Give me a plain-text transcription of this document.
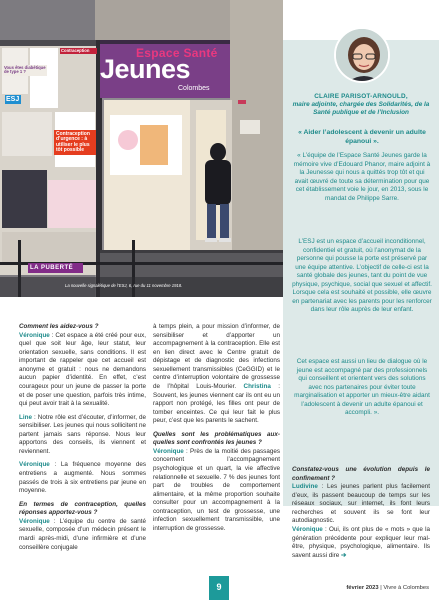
ESJ
Vous êtes diabétique de type 1 ?
Contraception
Contraception d’urgence : à utiliser le plus tôt possible
LA PUBERTÉ
Espace Santé
Jeunes
Colombes
La nouvelle signalétique de l’ESJ, 6, rue du 11 novembre 1918.
CLAIRE PARISOT-ARNOULD,
maire adjointe, chargée des Solidarités, de la Santé publique et de l’Inclusion
« Aider l’adolescent à devenir un adulte épanoui ».
« L’équipe de l’Espace Santé Jeunes garde la mémoire vive d’Edouard Phanor, maire adjoint à la Jeunesse qui nous a quittés trop tôt et qui avait œuvré de toute sa détermination pour que cet établissement voie le jour, en 2013, sous le mandat de Philippe Sarre.
L’ESJ est un espace d’accueil inconditionnel, confidentiel et gratuit, où l’anonymat de la personne qui pousse la porte est préservé par une équipe attentive. L’objectif de celle-ci est la santé globale des jeunes, tant du point de vue physique, psychique, social que sexuel et affectif. Lorsque cela est souhaité et possible, elle œuvre en partenariat avec les parents pour les renforcer dans leur rôle auprès de leur enfant.
Cet espace est aussi un lieu de dialogue où le jeune est accompagné par des professionnels qui conseillent et orientent vers des solutions avec nos partenaires pour éviter toute marginalisation et apporter un mieux-être aidant l’adolescent à devenir un adulte épanoui et accompli. ».

Comment les aidez-vous ?
Véronique : Cet espace a été créé pour eux, quel que soit leur âge, leur statut, leur orientation sexuelle, sans conditions. Il est important de rappeler que cet accueil est anonyme et gratuit : nous ne demandons aucun papier d’identité. En effet, c’est courageux pour un jeune de passer la porte et de poser une question, parfois très intime, qui peut avoir trait à la sexualité.

Line : Notre rôle est d’écouter, d’informer, de sensibiliser. Les jeunes qui nous sollicitent ne partent jamais sans réponse. Nous leur apportons des conseils, ils viennent et reviennent.

Véronique : La fréquence moyenne des entretiens a augmenté. Nous sommes passés de trois à six entretiens par jeune en moyenne.

En termes de contraception, quelles réponses apportez-vous ?
Véronique : L’équipe du centre de santé sexuelle, composée d’un médecin présent le mardi après-midi, d’une infirmière et d’une conseillère conjugale

à temps plein, a pour mission d’informer, de sensibiliser et d’apporter un accompagnement à la contraception. Elle est en lien direct avec le Centre gratuit de dépistage et de diagnostic des infections sexuellement transmissibles (CeGGID) et le centre d’interruption volontaire de grossesse de l’hôpital Louis-Mourier. Christina : Souvent, les jeunes viennent car ils ont eu un rapport non protégé, les filles ont peur de tomber enceintes. Ce qui leur fait le plus peur, c’est que les parents le sachent.

Quelles sont les problématiques aux-quelles sont confrontés les jeunes ?
Véronique : Près de la moitié des passages concernent l’accompagnement psychologique et un quart, la vie affective relationnelle et sexuelle. 7 % des jeunes font part de troubles de comportement alimentaire, et la même proportion souhaite consulter pour un accompagnement à la contraception, un test de grossesse, une infection sexuellement transmissible, une interruption de grossesse.

Constatez-vous une évolution depuis le confinement ?
Ludivine : Les jeunes parlent plus facilement d’eux, ils passent beaucoup de temps sur les réseaux sociaux, sur internet, ils font leurs recherches et souvent ils se font leur autodiagnostic.
Véronique : Oui, ils ont plus de « mots » que la génération précédente pour expliquer leur mal-être, physique, psychologique, alimentaire. Ils savent aussi dire ➔

9	février 2023 | Vivre à Colombes
